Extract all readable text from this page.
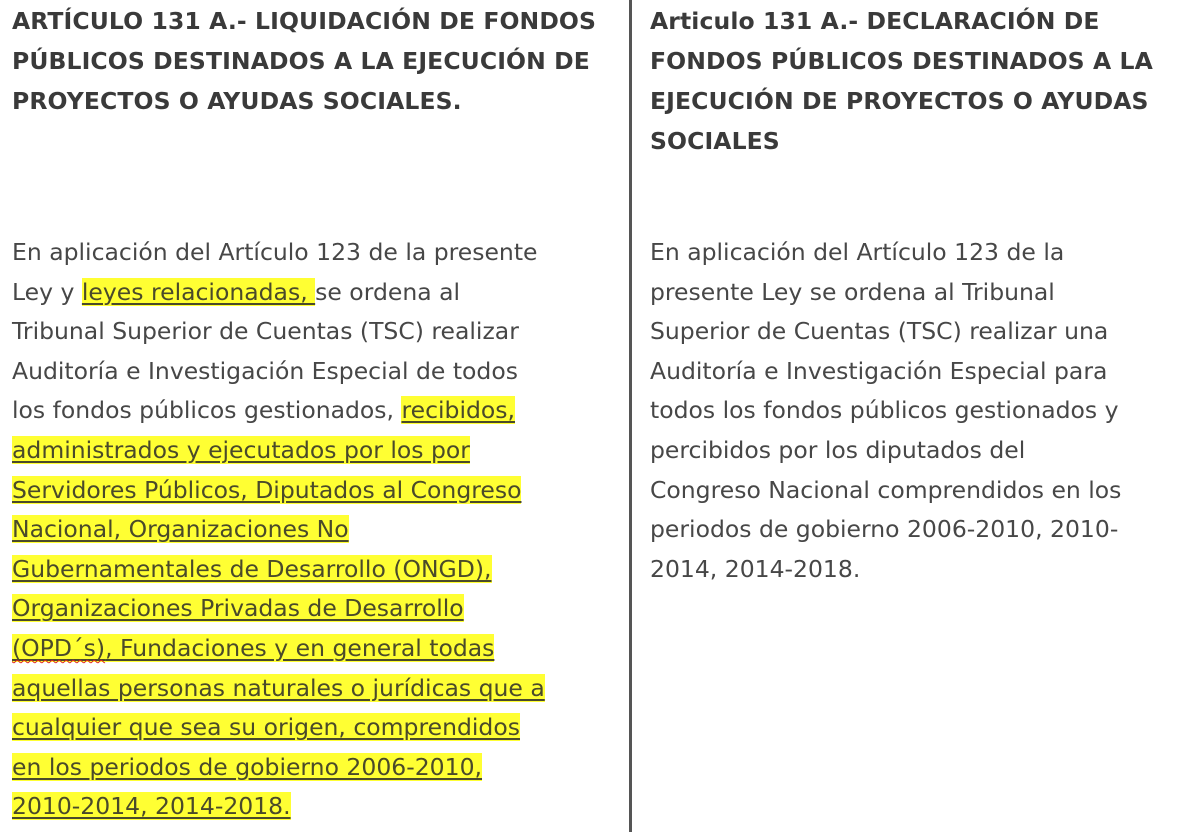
ARTÍCULO 131 A.- LIQUIDACIÓN DE FONDOS
PÚBLICOS DESTINADOS A LA EJECUCIÓN DE
PROYECTOS O AYUDAS SOCIALES.
En aplicación del Artículo 123 de la presente
Ley y leyes relacionadas, se ordena al
Tribunal Superior de Cuentas (TSC) realizar
Auditoría e Investigación Especial de todos
los fondos públicos gestionados, recibidos,
administrados y ejecutados por los por
Servidores Públicos, Diputados al Congreso
Nacional, Organizaciones No
Gubernamentales de Desarrollo (ONGD),
Organizaciones Privadas de Desarrollo
(OPD´s), Fundaciones y en general todas
aquellas personas naturales o jurídicas que a
cualquier que sea su origen, comprendidos
en los periodos de gobierno 2006-2010,
2010-2014, 2014-2018.
Articulo 131 A.- DECLARACIÓN DE
FONDOS PÚBLICOS DESTINADOS A LA
EJECUCIÓN DE PROYECTOS O AYUDAS
SOCIALES
En aplicación del Artículo 123 de la
presente Ley se ordena al Tribunal
Superior de Cuentas (TSC) realizar una
Auditoría e Investigación Especial para
todos los fondos públicos gestionados y
percibidos por los diputados del
Congreso Nacional comprendidos en los
periodos de gobierno 2006-2010, 2010-
2014, 2014-2018.
